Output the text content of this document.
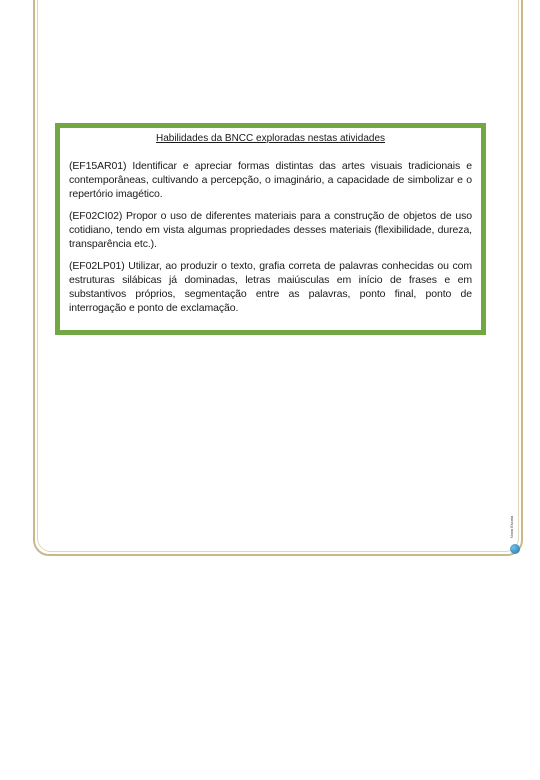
Habilidades da BNCC exploradas nestas atividades

(EF15AR01) Identificar e apreciar formas distintas das artes visuais tradicionais e contemporâneas, cultivando a percepção, o imaginário, a capacidade de simbolizar e o repertório imagético.

(EF02CI02) Propor o uso de diferentes materiais para a construção de objetos de uso cotidiano, tendo em vista algumas propriedades desses materiais (flexibilidade, dureza, transparência etc.).

(EF02LP01) Utilizar, ao produzir o texto, grafia correta de palavras conhecidas ou com estruturas silábicas já dominadas, letras maiúsculas em início de frases e em substantivos próprios, segmentação entre as palavras, ponto final, ponto de interrogação e ponto de exclamação.

Nova Escola
